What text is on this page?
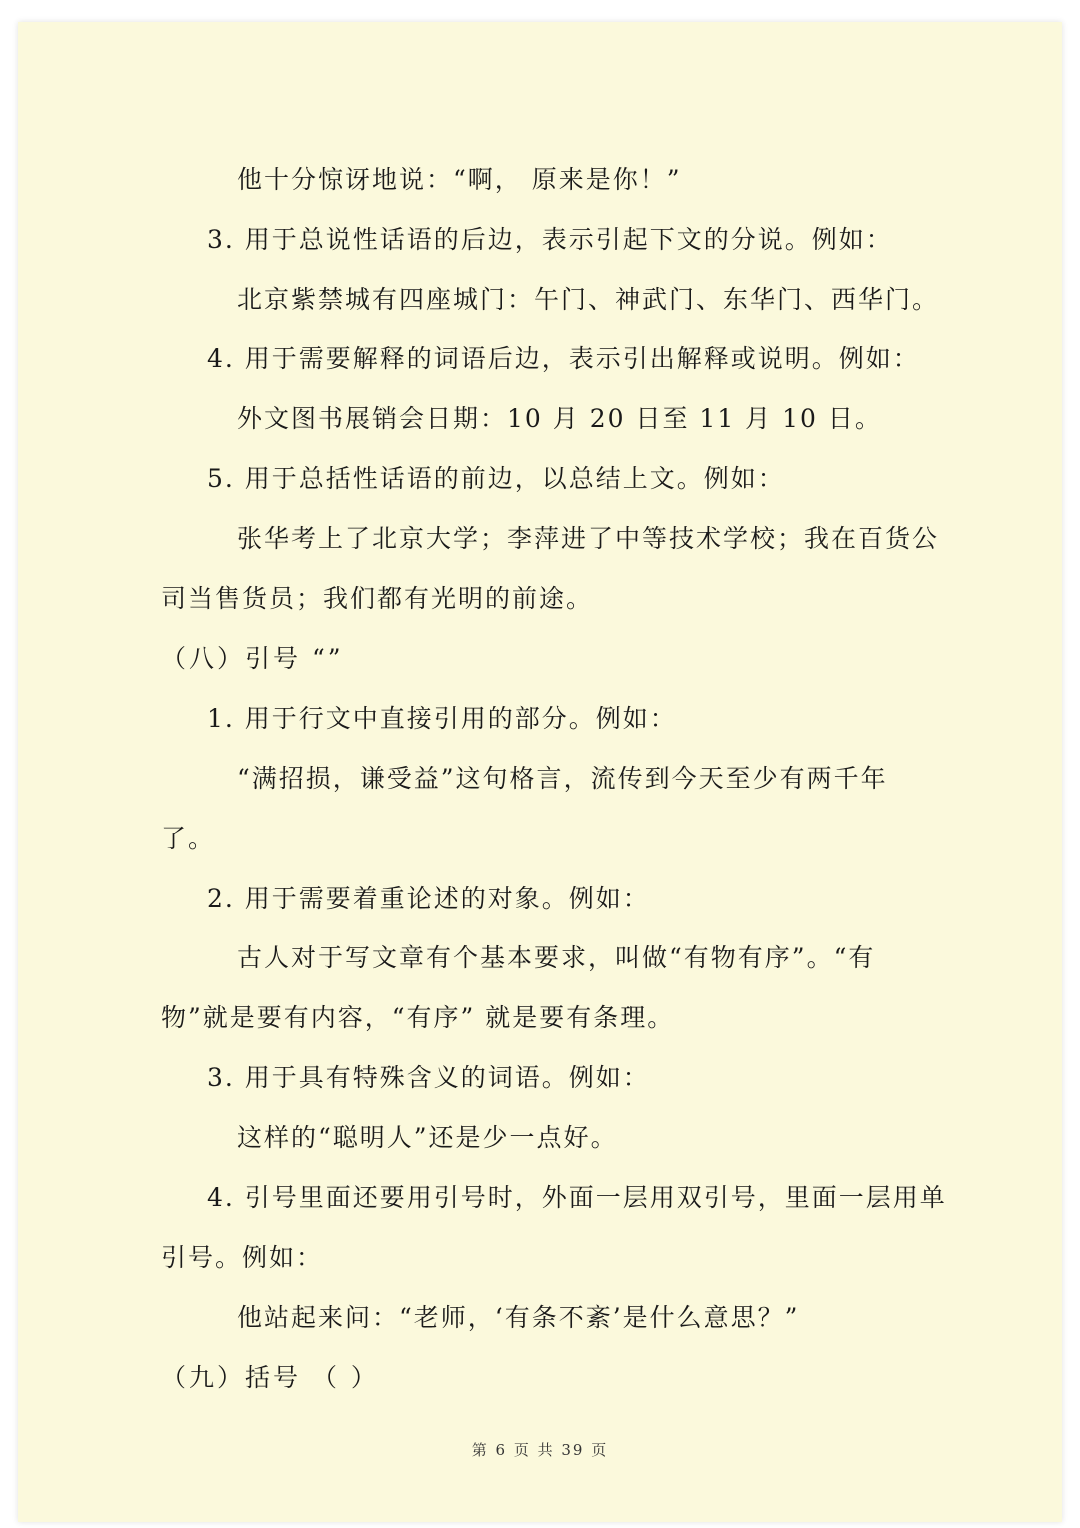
他十分惊讶地说：“啊， 原来是你！”
3. 用于总说性话语的后边，表示引起下文的分说。例如：
北京紫禁城有四座城门：午门、神武门、东华门、西华门。
4. 用于需要解释的词语后边，表示引出解释或说明。例如：
外文图书展销会日期：10 月 20 日至 11 月 10 日。
5. 用于总括性话语的前边，以总结上文。例如：
张华考上了北京大学；李萍进了中等技术学校；我在百货公
司当售货员；我们都有光明的前途。
（八）引号 “”
1. 用于行文中直接引用的部分。例如：
“满招损，谦受益”这句格言，流传到今天至少有两千年
了。
2. 用于需要着重论述的对象。例如：
古人对于写文章有个基本要求，叫做“有物有序”。“有
物”就是要有内容，“有序” 就是要有条理。
3. 用于具有特殊含义的词语。例如：
这样的“聪明人”还是少一点好。
4. 引号里面还要用引号时，外面一层用双引号，里面一层用单
引号。例如：
他站起来问：“老师，‘有条不紊’是什么意思？”
（九）括号 （ ）
第 6 页 共 39 页
